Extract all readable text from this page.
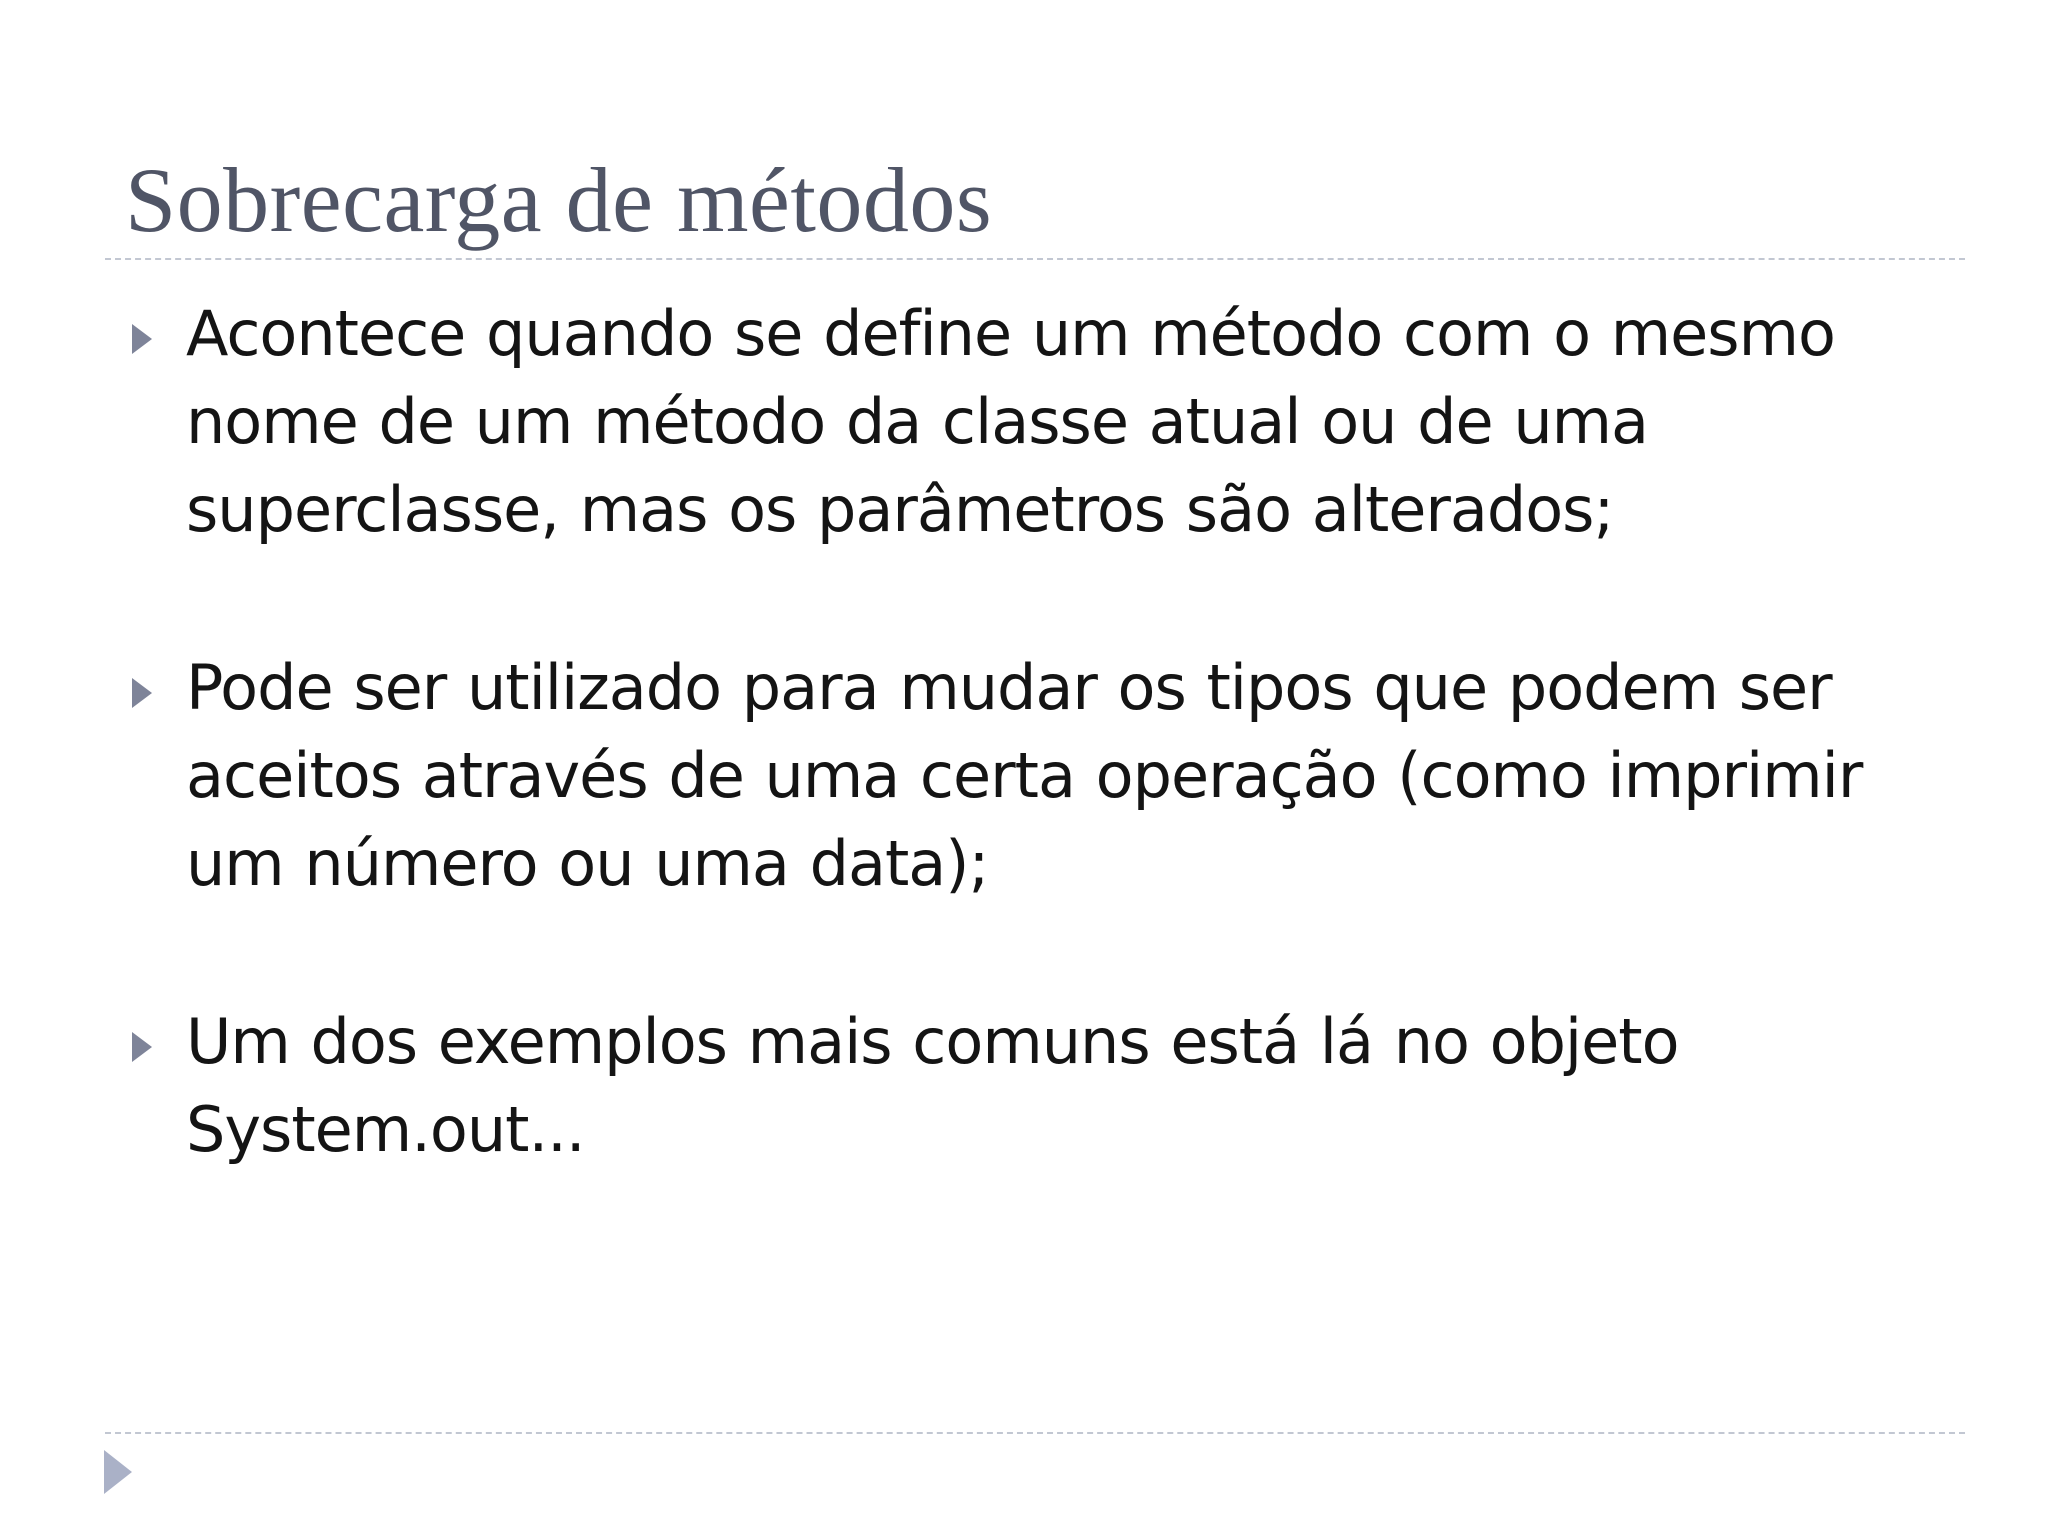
Sobrecarga de métodos
Acontece quando se define um método com o mesmo nome de um método da classe atual ou de uma superclasse, mas os parâmetros são alterados;
Pode ser utilizado para mudar os tipos que podem ser aceitos através de uma certa operação (como imprimir um número ou uma data);
Um dos exemplos mais comuns está lá no objeto System.out...
